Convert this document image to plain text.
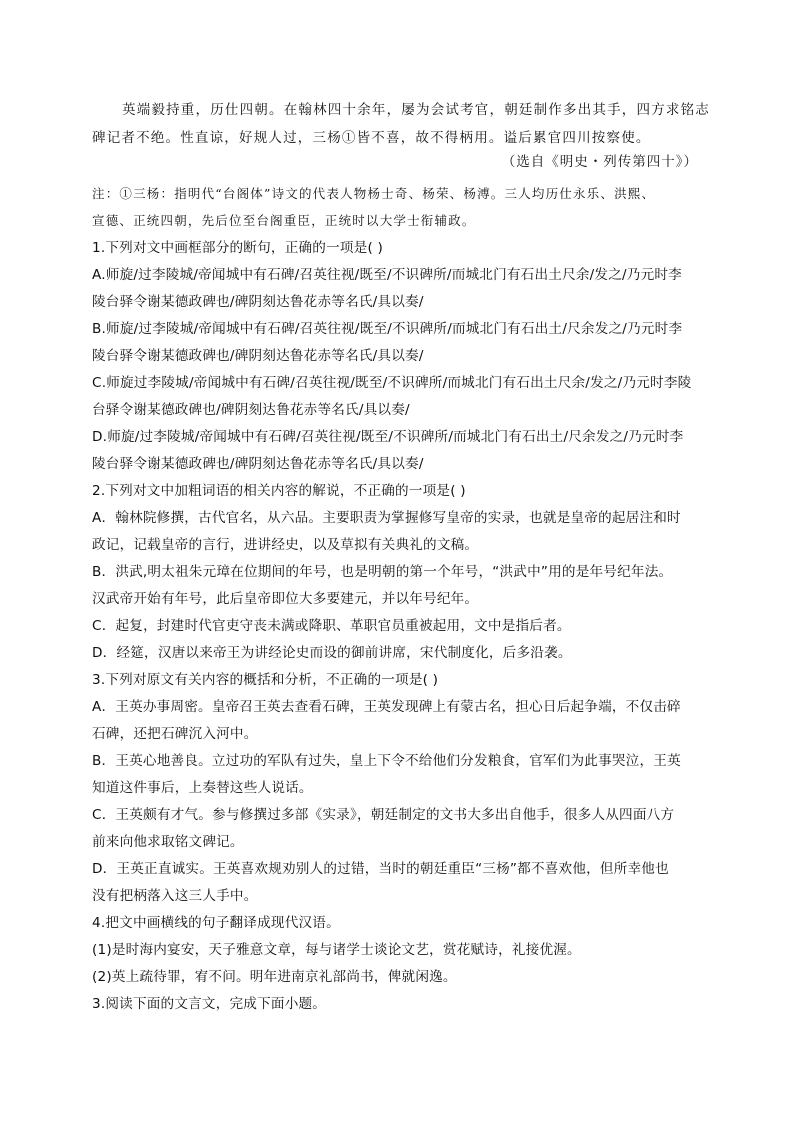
英端毅持重，历仕四朝。在翰林四十余年，屡为会试考官，朝廷制作多出其手，四方求铭志
碑记者不绝。性直谅，好规人过，三杨①皆不喜，故不得柄用。谥后累官四川按察使。
（选自《明史・列传第四十》）
注：①三杨：指明代“台阁体”诗文的代表人物杨士奇、杨荣、杨溥。三人均历仕永乐、洪熙、
宣德、正统四朝，先后位至台阁重臣，正统时以大学士衔辅政。
1.下列对文中画框部分的断句，正确的一项是( )
A.师旋/过李陵城/帝闻城中有石碑/召英往视/既至/不识碑所/而城北门有石出土尺余/发之/乃元时李
陵台驿令谢某德政碑也/碑阴刻达鲁花赤等名氏/具以奏/
B.师旋/过李陵城/帝闻城中有石碑/召英往视/既至/不识碑所/而城北门有石出土/尺余发之/乃元时李
陵台驿令谢某德政碑也/碑阴刻达鲁花赤等名氏/具以奏/
C.师旋过李陵城/帝闻城中有石碑/召英往视/既至/不识碑所/而城北门有石出土尺余/发之/乃元时李陵
台驿令谢某德政碑也/碑阴刻达鲁花赤等名氏/具以奏/
D.师旋/过李陵城/帝闻城中有石碑/召英往视/既至/不识碑所/而城北门有石出土/尺余发之/乃元时李
陵台驿令谢某德政碑也/碑阴刻达鲁花赤等名氏/具以奏/
2.下列对文中加粗词语的相关内容的解说，不正确的一项是( )
A．翰林院修撰，古代官名，从六品。主要职责为掌握修写皇帝的实录，也就是皇帝的起居注和时
政记，记载皇帝的言行，进讲经史，以及草拟有关典礼的文稿。
B．洪武,明太祖朱元璋在位期间的年号，也是明朝的第一个年号，“洪武中”用的是年号纪年法。
汉武帝开始有年号，此后皇帝即位大多要建元，并以年号纪年。
C．起复，封建时代官吏守丧未满或降职、革职官员重被起用，文中是指后者。
D．经筵，汉唐以来帝王为讲经论史而设的御前讲席，宋代制度化，后多沿袭。
3.下列对原文有关内容的概括和分析，不正确的一项是( )
A．王英办事周密。皇帝召王英去查看石碑，王英发现碑上有蒙古名，担心日后起争端，不仅击碎
石碑，还把石碑沉入河中。
B．王英心地善良。立过功的军队有过失，皇上下令不给他们分发粮食，官军们为此事哭泣，王英
知道这件事后，上奏替这些人说话。
C．王英颇有才气。参与修撰过多部《实录》，朝廷制定的文书大多出自他手，很多人从四面八方
前来向他求取铭文碑记。
D．王英正直诚实。王英喜欢规劝别人的过错，当时的朝廷重臣“三杨”都不喜欢他，但所幸他也
没有把柄落入这三人手中。
4.把文中画横线的句子翻译成现代汉语。
(1)是时海内宴安，天子雅意文章，每与诸学士谈论文艺，赏花赋诗，礼接优渥。
(2)英上疏待罪，宥不问。明年进南京礼部尚书，俾就闲逸。
3.阅读下面的文言文，完成下面小题。
